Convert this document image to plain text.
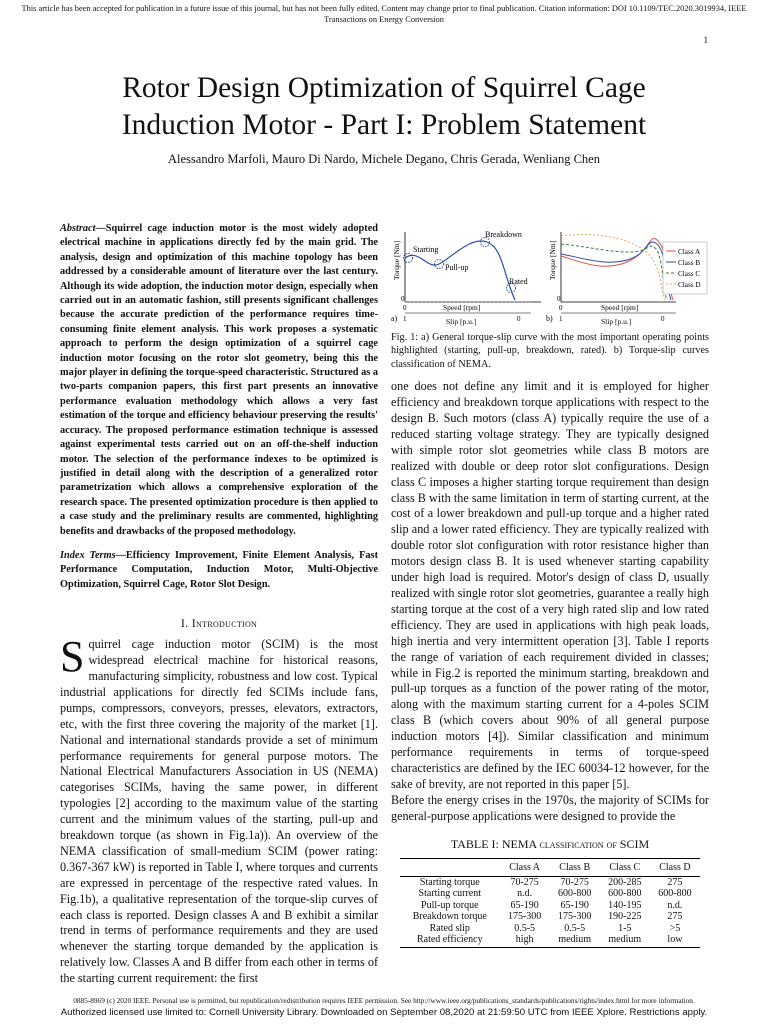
This article has been accepted for publication in a future issue of this journal, but has not been fully edited. Content may change prior to final publication. Citation information: DOI 10.1109/TEC.2020.3019934, IEEE
Transactions on Energy Conversion
1
Rotor Design Optimization of Squirrel Cage
Induction Motor - Part I: Problem Statement
Alessandro Marfoli, Mauro Di Nardo, Michele Degano, Chris Gerada, Wenliang Chen

Abstract—Squirrel cage induction motor is the most widely adopted electrical machine in applications directly fed by the main grid. The analysis, design and optimization of this machine topology has been addressed by a considerable amount of literature over the last century. Although its wide adoption, the induction motor design, especially when carried out in an automatic fashion, still presents significant challenges because the accurate prediction of the performance requires time-consuming finite element analysis. This work proposes a systematic approach to perform the design optimization of a squirrel cage induction motor focusing on the rotor slot geometry, being this the major player in defining the torque-speed characteristic. Structured as a two-parts companion papers, this first part presents an innovative performance evaluation methodology which allows a very fast estimation of the torque and efficiency behaviour preserving the results' accuracy. The proposed performance estimation technique is assessed against experimental tests carried out on an off-the-shelf induction motor. The selection of the performance indexes to be optimized is justified in detail along with the description of a generalized rotor parametrization which allows a comprehensive exploration of the research space. The presented optimization procedure is then applied to a case study and the preliminary results are commented, highlighting benefits and drawbacks of the proposed methodology.

Index Terms—Efficiency Improvement, Finite Element Analysis, Fast Performance Computation, Induction Motor, Multi-Objective Optimization, Squirrel Cage, Rotor Slot Design.

I. Introduction

Squirrel cage induction motor (SCIM) is the most widespread electrical machine for historical reasons, manufacturing simplicity, robustness and low cost. Typical industrial applications for directly fed SCIMs include fans, pumps, compressors, conveyors, presses, elevators, extractors, etc, with the first three covering the majority of the market [1]. National and international standards provide a set of minimum performance requirements for general purpose motors. The National Electrical Manufacturers Association in US (NEMA) categorises SCIMs, having the same power, in different typologies [2] according to the maximum value of the starting current and the minimum values of the starting, pull-up and breakdown torque (as shown in Fig.1a)). An overview of the NEMA classification of small-medium SCIM (power rating: 0.367-367 kW) is reported in Table I, where torques and currents are expressed in percentage of the respective rated values. In Fig.1b), a qualitative representation of the torque-slip curves of each class is reported. Design classes A and B exhibit a similar trend in terms of performance requirements and they are used whenever the starting torque demanded by the application is relatively low. Classes A and B differ from each other in terms of the starting current requirement: the first

Starting
Pull-up
Breakdown
Rated
Torque [Nm]
0
0	Speed [rpm]
a) 1	Slip [p.u.]	0
Class A
Class B
Class C
Class D
Torque [Nm]
0
0	Speed [rpm]
b) 1	Slip [p.u.]	0

Fig. 1: a) General torque-slip curve with the most important operating points highlighted (starting, pull-up, breakdown, rated). b) Torque-slip curves classification of NEMA.

one does not define any limit and it is employed for higher efficiency and breakdown torque applications with respect to the design B. Such motors (class A) typically require the use of a reduced starting voltage strategy. They are typically designed with simple rotor slot geometries while class B motors are realized with double or deep rotor slot configurations. Design class C imposes a higher starting torque requirement than design class B with the same limitation in term of starting current, at the cost of a lower breakdown and pull-up torque and a higher rated slip and a lower rated efficiency. They are typically realized with double rotor slot configuration with rotor resistance higher than motors design class B. It is used whenever starting capability under high load is required. Motor's design of class D, usually realized with single rotor slot geometries, guarantee a really high starting torque at the cost of a very high rated slip and low rated efficiency. They are used in applications with high peak loads, high inertia and very intermittent operation [3]. Table I reports the range of variation of each requirement divided in classes; while in Fig.2 is reported the minimum starting, breakdown and pull-up torques as a function of the power rating of the motor, along with the maximum starting current for a 4-poles SCIM class B (which covers about 90% of all general purpose induction motors [4]). Similar classification and minimum performance requirements in terms of torque-speed characteristics are defined by the IEC 60034-12 however, for the sake of brevity, are not reported in this paper [5].

Before the energy crises in the 1970s, the majority of SCIMs for general-purpose applications were designed to provide the

TABLE I: NEMA classification of SCIM
	Class A	Class B	Class C	Class D
Starting torque	70-275	70-275	200-285	275
Starting current	n.d.	600-800	600-800	600-800
Pull-up torque	65-190	65-190	140-195	n.d.
Breakdown torque	175-300	175-300	190-225	275
Rated slip	0.5-5	0.5-5	1-5	>5
Rated efficiency	high	medium	medium	low
0885-8969 (c) 2020 IEEE. Personal use is permitted, but republication/redistribution requires IEEE permission. See http://www.ieee.org/publications_standards/publications/rights/index.html for more information.
Authorized licensed use limited to: Cornell University Library. Downloaded on September 08,2020 at 21:59:50 UTC from IEEE Xplore. Restrictions apply.
